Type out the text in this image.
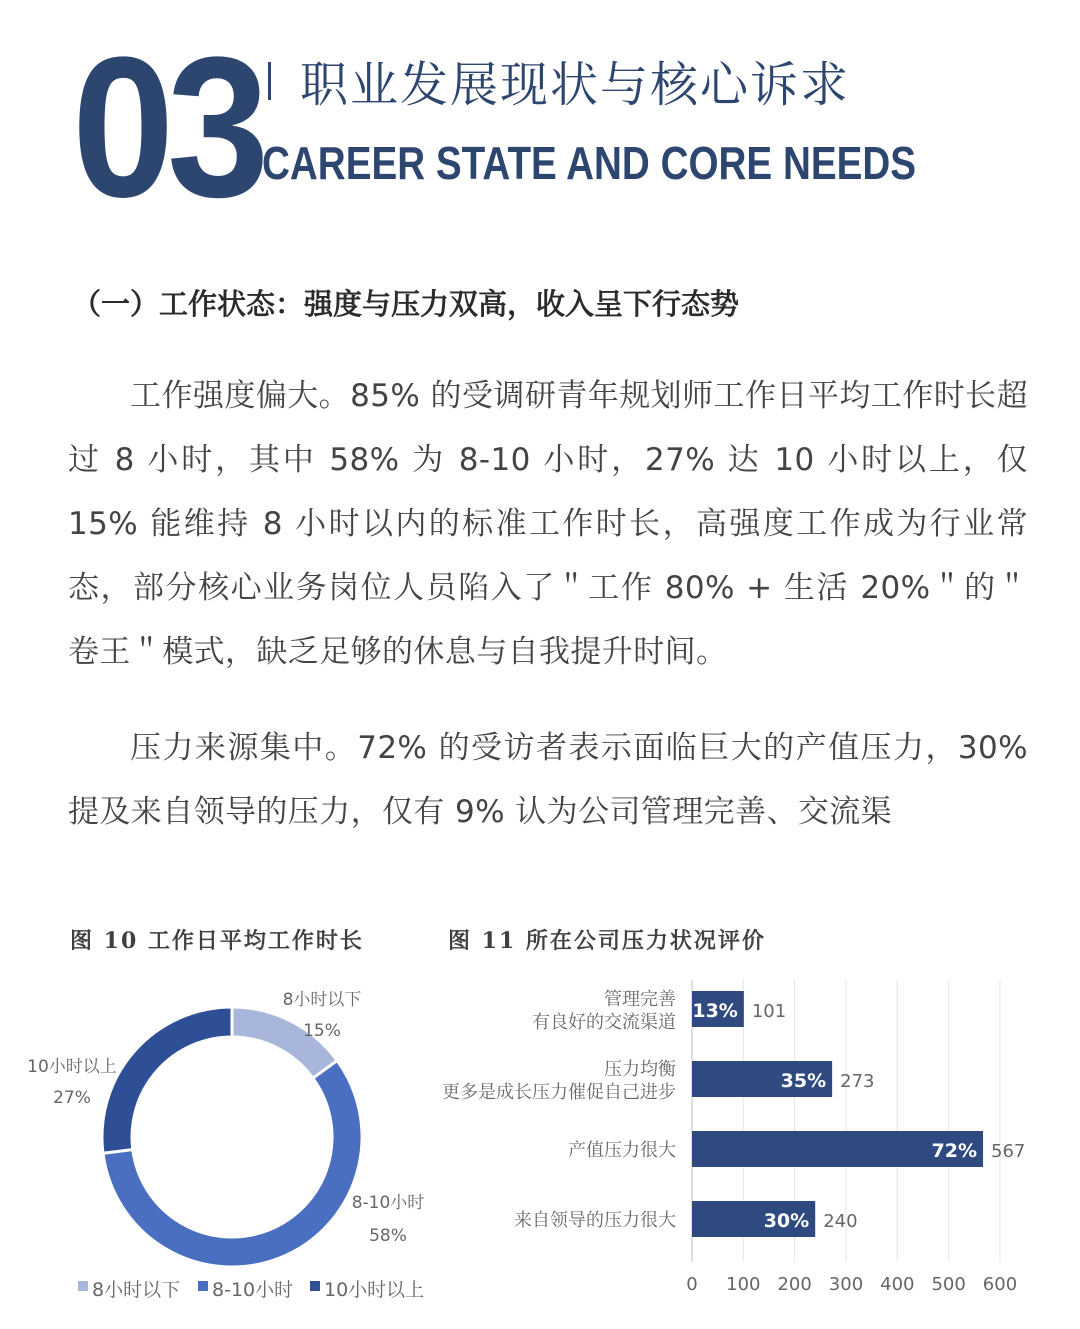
03 职业发展现状与核心诉求
CAREER STATE AND CORE NEEDS
（一）工作状态：强度与压力双高，收入呈下行态势

工作强度偏大。85% 的受调研青年规划师工作日平均工作时长超过 8 小时，其中 58% 为 8-10 小时，27% 达 10 小时以上，仅 15% 能维持 8 小时以内的标准工作时长，高强度工作成为行业常态，部分核心业务岗位人员陷入了＂工作 80% + 生活 20%＂的＂卷王＂模式，缺乏足够的休息与自我提升时间。

压力来源集中。72% 的受访者表示面临巨大的产值压力，30% 提及来自领导的压力，仅有 9% 认为公司管理完善、交流渠

图 10 工作日平均工作时长	图 11 所在公司压力状况评价
8小时以下
15%
8-10小时
58%
10小时以上
27%
8小时以下 8-10小时 10小时以上	0 100 200 300 400 500 600
13% 101
管理完善
有良好的交流渠道
35% 273
压力均衡
更多是成长压力催促自己进步
72% 567
产值压力很大
30% 240
来自领导的压力很大
